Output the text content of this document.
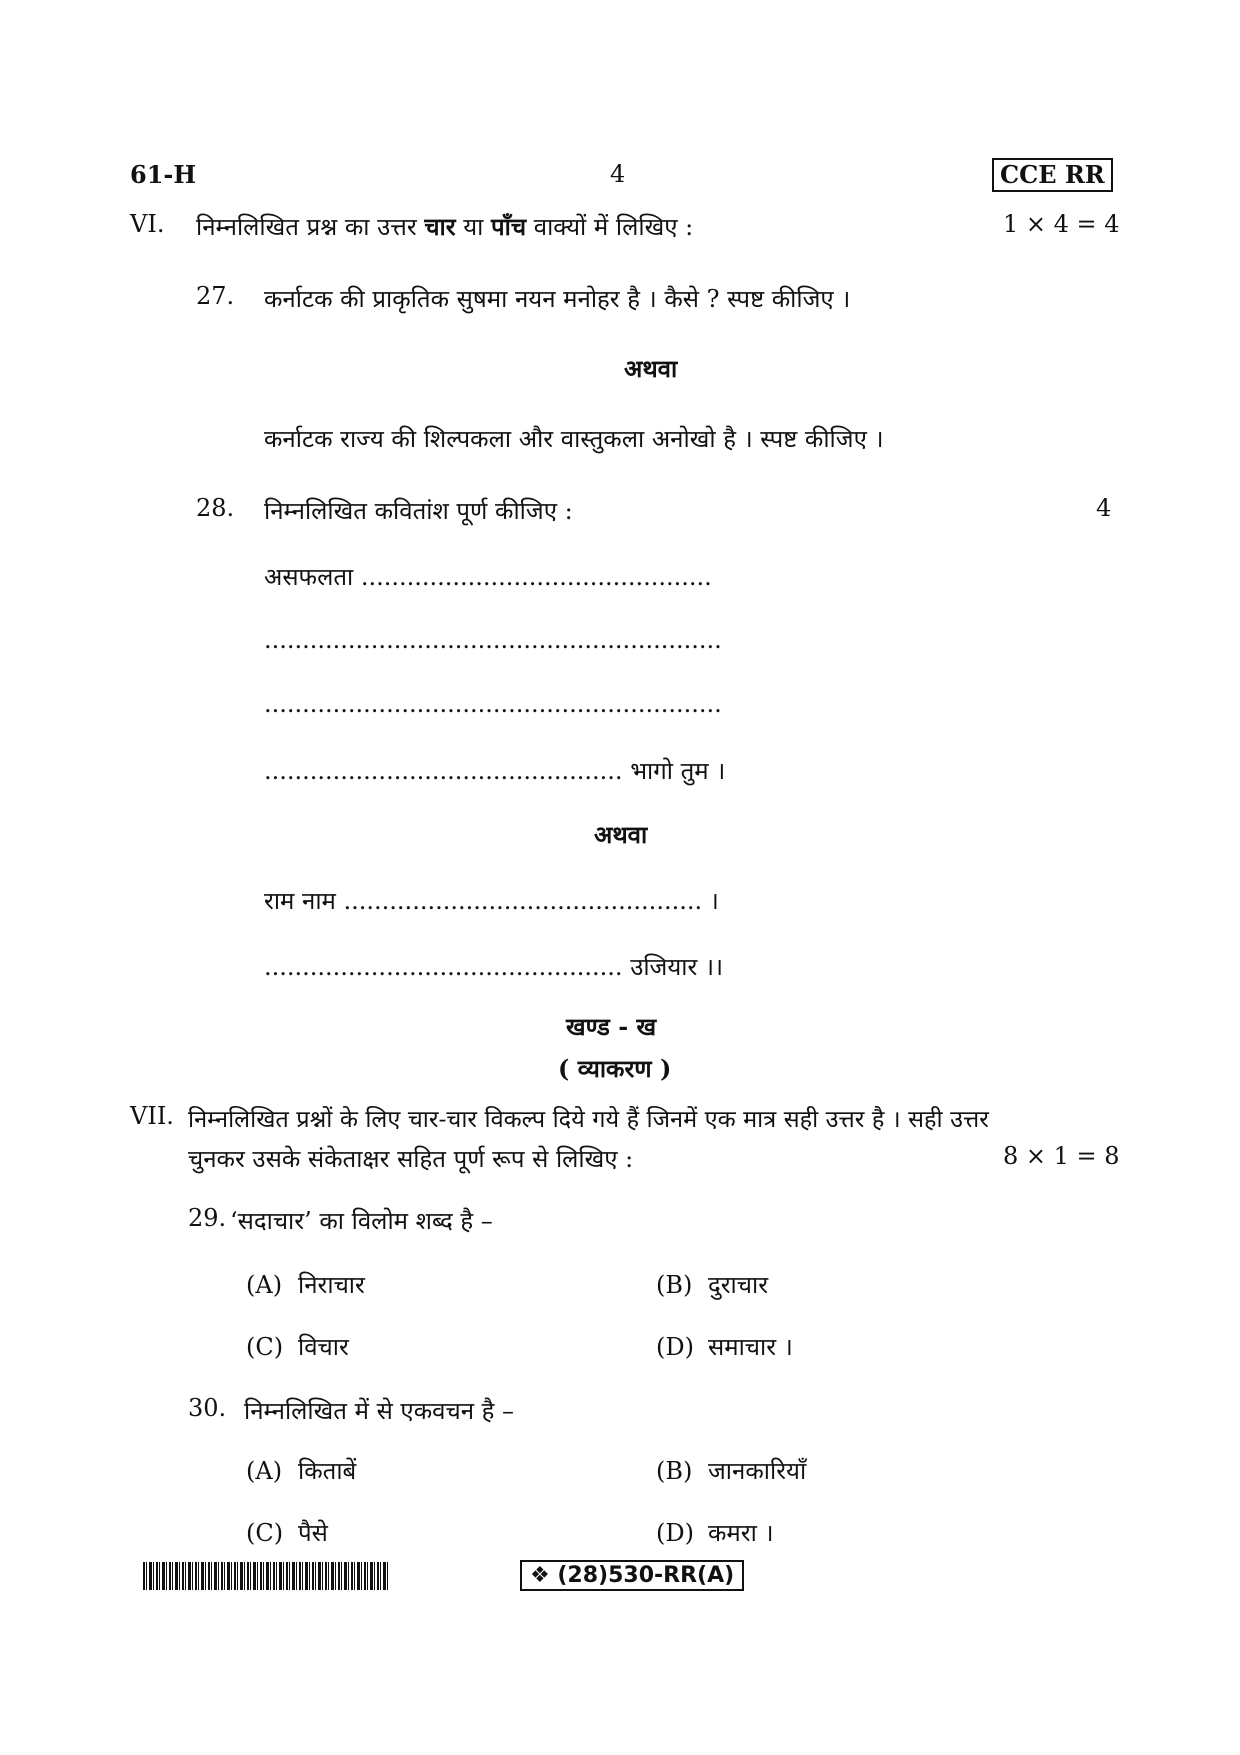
61-H	4	CCE RR
VI. निम्नलिखित प्रश्न का उत्तर चार या पाँच वाक्यों में लिखिए :	1 × 4 = 4
27. कर्नाटक की प्राकृतिक सुषमा नयन मनोहर है । कैसे ? स्पष्ट कीजिए ।
अथवा
कर्नाटक राज्य की शिल्पकला और वास्तुकला अनोखो है । स्पष्ट कीजिए ।
28. निम्नलिखित कवितांश पूर्ण कीजिए :	4
असफलता ..............................................
............................................................
............................................................
............................................... भागो तुम ।
अथवा
राम नाम ............................................... ।
............................................... उजियार ।।
खण्ड - ख
( व्याकरण )
VII. निम्नलिखित प्रश्नों के लिए चार-चार विकल्प दिये गये हैं जिनमें एक मात्र सही उत्तर है । सही उत्तर
चुनकर उसके संकेताक्षर सहित पूर्ण रूप से लिखिए :	8 × 1 = 8
29. ‘सदाचार’ का विलोम शब्द है –
(A) निराचार	(B) दुराचार
(C) विचार	(D) समाचार ।
30. निम्नलिखित में से एकवचन है –
(A) किताबें	(B) जानकारियाँ
(C) पैसे	(D) कमरा ।
❖ (28)530-RR(A)
